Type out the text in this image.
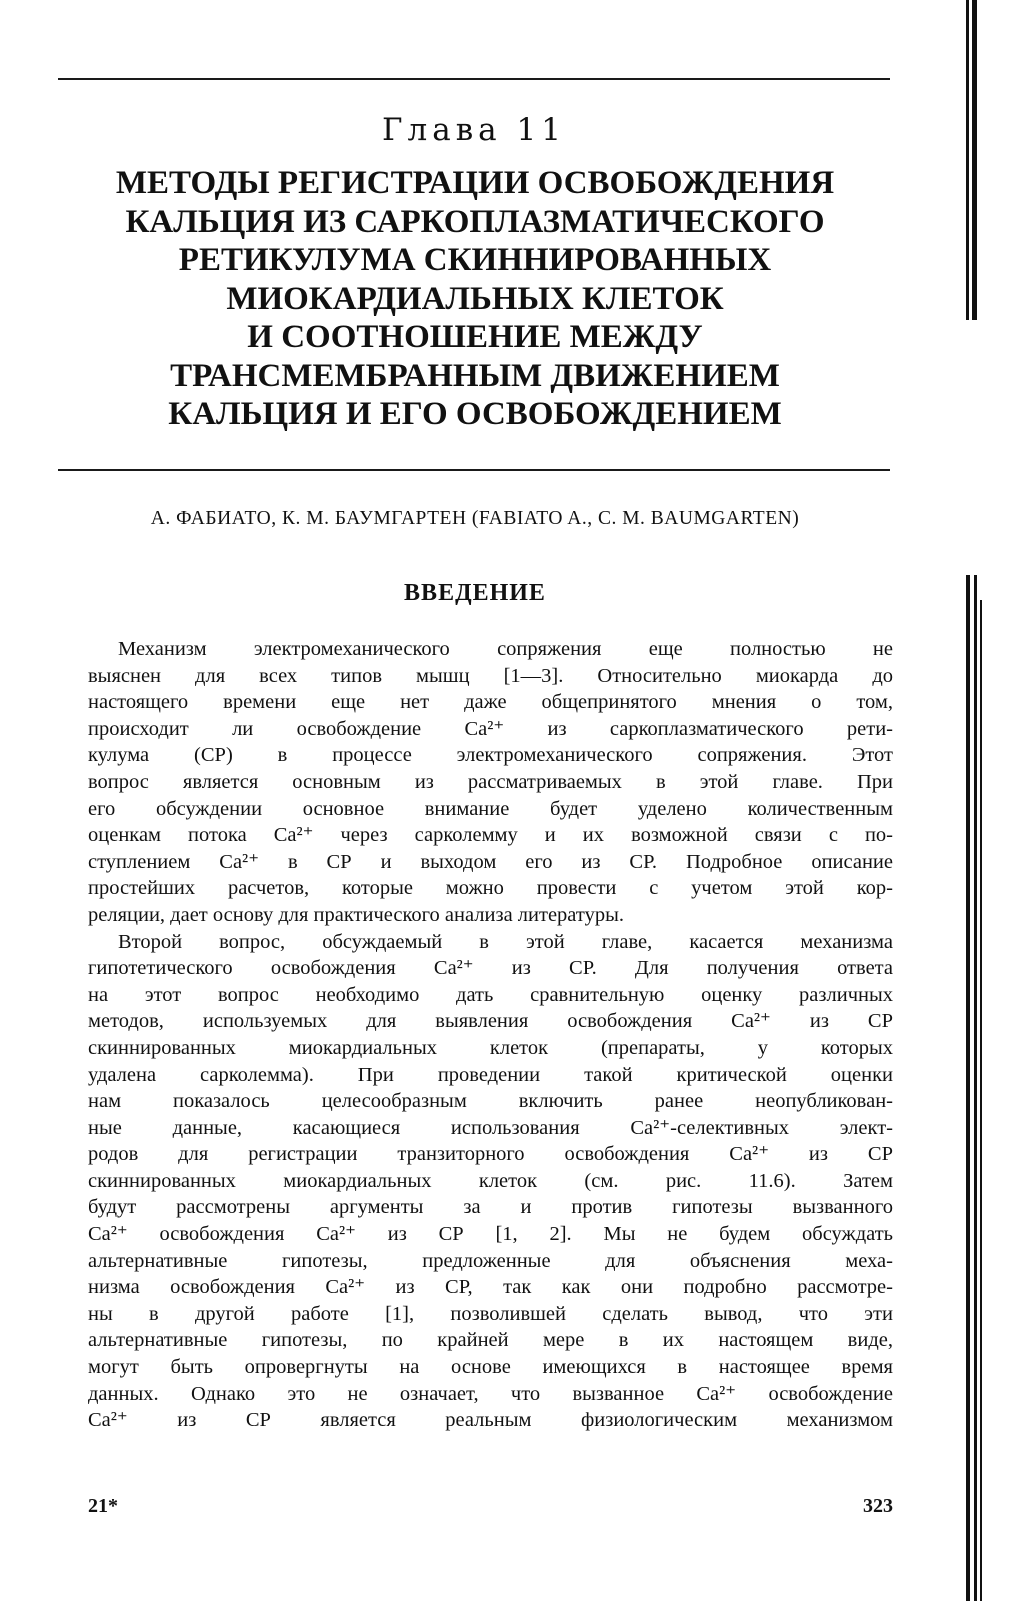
Глава 11
МЕТОДЫ РЕГИСТРАЦИИ ОСВОБОЖДЕНИЯ
КАЛЬЦИЯ ИЗ САРКОПЛАЗМАТИЧЕСКОГО
РЕТИКУЛУМА СКИННИРОВАННЫХ
МИОКАРДИАЛЬНЫХ КЛЕТОК
И СООТНОШЕНИЕ МЕЖДУ
ТРАНСМЕМБРАННЫМ ДВИЖЕНИЕМ
КАЛЬЦИЯ И ЕГО ОСВОБОЖДЕНИЕМ
А. ФАБИАТО, К. М. БАУМГАРТЕН (FABIATO A., C. M. BAUMGARTEN)
ВВЕДЕНИЕ
Механизм электромеханического сопряжения еще полностью не
выяснен для всех типов мышц [1—3]. Относительно миокарда до
настоящего времени еще нет даже общепринятого мнения о том,
происходит ли освобождение Ca²⁺ из саркоплазматического рети-
кулума (СР) в процессе электромеханического сопряжения. Этот
вопрос является основным из рассматриваемых в этой главе. При
его обсуждении основное внимание будет уделено количественным
оценкам потока Ca²⁺ через сарколемму и их возможной связи с по-
ступлением Ca²⁺ в СР и выходом его из СР. Подробное описание
простейших расчетов, которые можно провести с учетом этой кор-
реляции, дает основу для практического анализа литературы.
Второй вопрос, обсуждаемый в этой главе, касается механизма
гипотетического освобождения Ca²⁺ из СР. Для получения ответа
на этот вопрос необходимо дать сравнительную оценку различных
методов, используемых для выявления освобождения Ca²⁺ из СР
скиннированных миокардиальных клеток (препараты, у которых
удалена сарколемма). При проведении такой критической оценки
нам показалось целесообразным включить ранее неопубликован-
ные данные, касающиеся использования Ca²⁺-селективных элект-
родов для регистрации транзиторного освобождения Ca²⁺ из СР
скиннированных миокардиальных клеток (см. рис. 11.6). Затем
будут рассмотрены аргументы за и против гипотезы вызванного
Ca²⁺ освобождения Ca²⁺ из СР [1, 2]. Мы не будем обсуждать
альтернативные гипотезы, предложенные для объяснения меха-
низма освобождения Ca²⁺ из СР, так как они подробно рассмотре-
ны в другой работе [1], позволившей сделать вывод, что эти
альтернативные гипотезы, по крайней мере в их настоящем виде,
могут быть опровергнуты на основе имеющихся в настоящее время
данных. Однако это не означает, что вызванное Ca²⁺ освобождение
Ca²⁺ из СР является реальным физиологическим механизмом
21*	323
